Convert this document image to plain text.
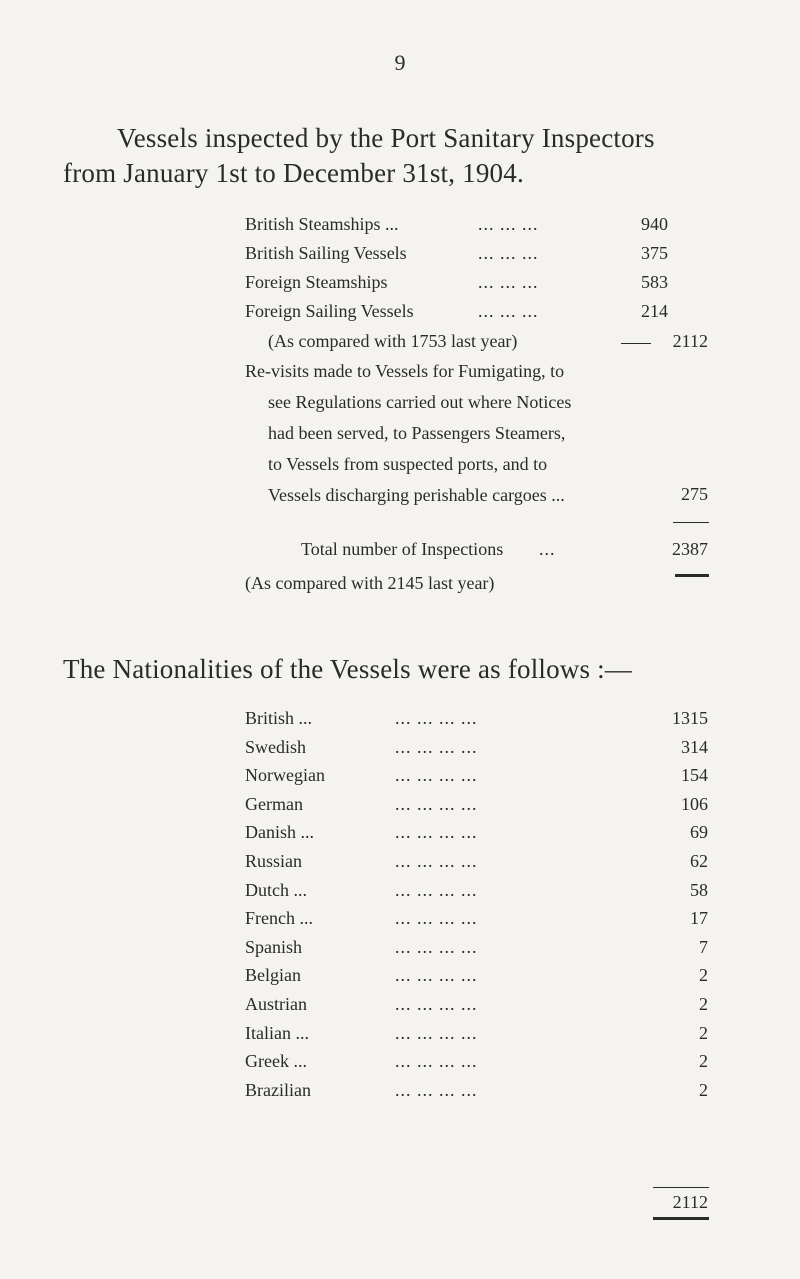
9
Vessels inspected by the Port Sanitary Inspectors
from January 1st to December 31st, 1904.
British Steamships ...	... ... ...	940
British Sailing Vessels	... ... ...	375
Foreign Steamships	... ... ...	583
Foreign Sailing Vessels	... ... ...	214
(As compared with 1753 last year)	2112
Re-visits made to Vessels for Fumigating, to
see Regulations carried out where Notices
had been served, to Passengers Steamers,
to Vessels from suspected ports, and to
Vessels discharging perishable cargoes ...	275
Total number of Inspections ...	2387
(As compared with 2145 last year)
The Nationalities of the Vessels were as follows :—
British ...	... ... ... ...	1315
Swedish	... ... ... ...	314
Norwegian	... ... ... ...	154
German	... ... ... ...	106
Danish ...	... ... ... ...	69
Russian	... ... ... ...	62
Dutch ...	... ... ... ...	58
French ...	... ... ... ...	17
Spanish	... ... ... ...	7
Belgian	... ... ... ...	2
Austrian	... ... ... ...	2
Italian ...	... ... ... ...	2
Greek ...	... ... ... ...	2
Brazilian	... ... ... ...	2
2112
